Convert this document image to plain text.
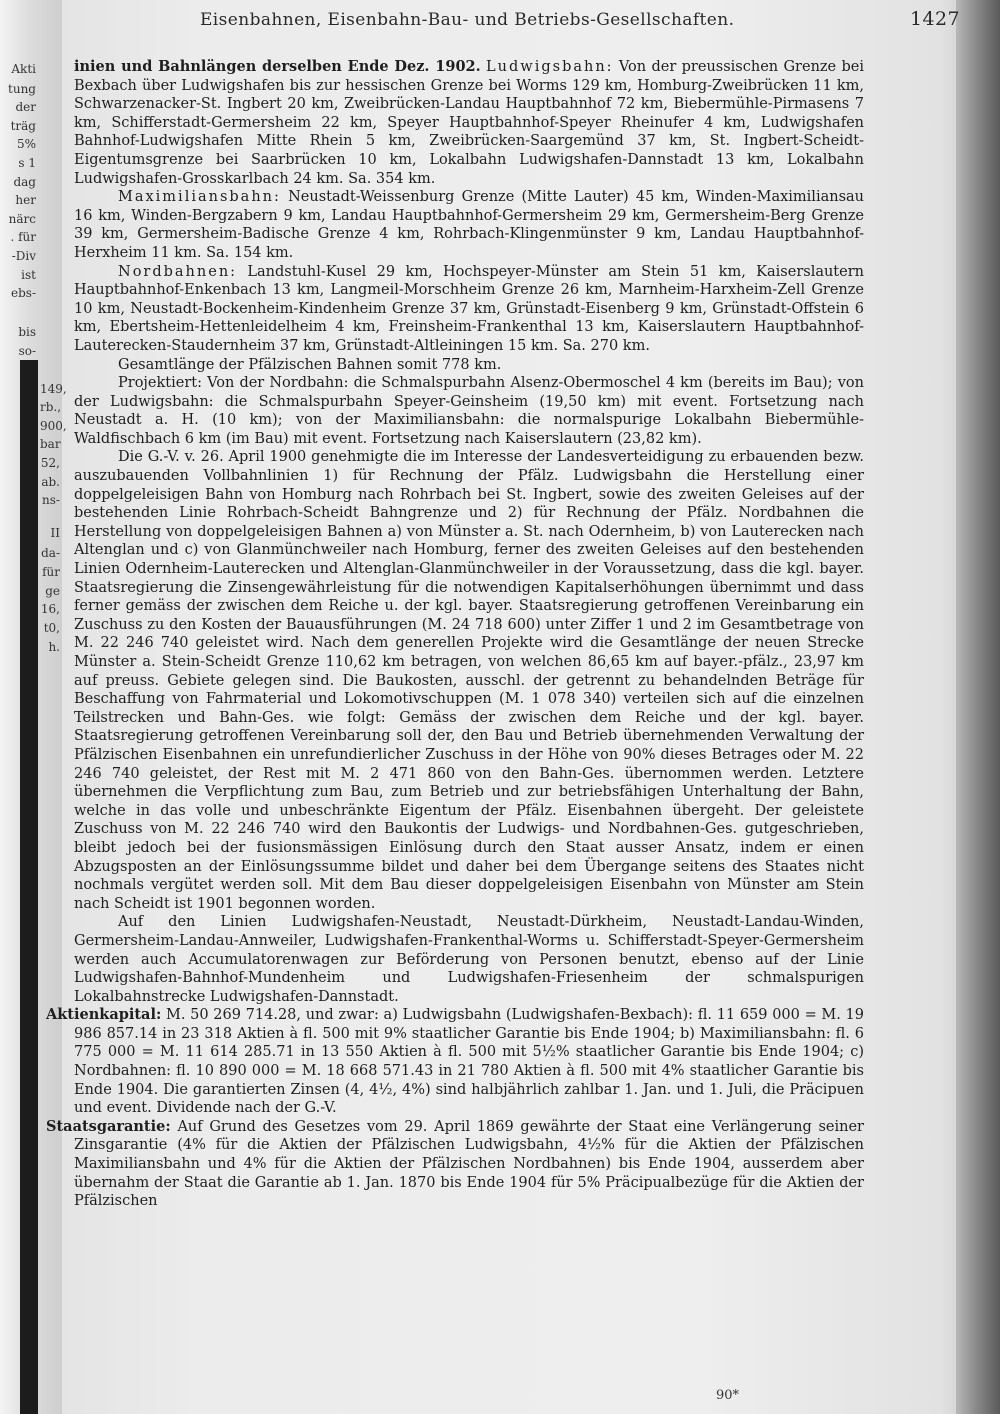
Akti
tung
der
träg
5%
s 1
dag
her
närc
. für
-Div
ist
ebs-
bis
so-
149,
rb.,
900,
bar
52,
ab.
ns-
II
da-
für
ge
16,
t0,
h.
Eisenbahnen, Eisenbahn-Bau- und Betriebs-Gesellschaften.	1427

inien und Bahnlängen derselben Ende Dez. 1902. Ludwigsbahn: Von der preussischen Grenze bei Bexbach über Ludwigshafen bis zur hessischen Grenze bei Worms 129 km, Homburg-Zweibrücken 11 km, Schwarzenacker-St. Ingbert 20 km, Zweibrücken-Landau Hauptbahnhof 72 km, Biebermühle-Pirmasens 7 km, Schifferstadt-Germersheim 22 km, Speyer Hauptbahnhof-Speyer Rheinufer 4 km, Ludwigshafen Bahnhof-Ludwigshafen Mitte Rhein 5 km, Zweibrücken-Saargemünd 37 km, St. Ingbert-Scheidt-Eigentumsgrenze bei Saarbrücken 10 km, Lokalbahn Ludwigshafen-Dannstadt 13 km, Lokalbahn Ludwigshafen-Grosskarlbach 24 km. Sa. 354 km.

Maximiliansbahn: Neustadt-Weissenburg Grenze (Mitte Lauter) 45 km, Winden-Maximiliansau 16 km, Winden-Bergzabern 9 km, Landau Hauptbahnhof-Germersheim 29 km, Germersheim-Berg Grenze 39 km, Germersheim-Badische Grenze 4 km, Rohrbach-Klingenmünster 9 km, Landau Hauptbahnhof-Herxheim 11 km. Sa. 154 km.

Nordbahnen: Landstuhl-Kusel 29 km, Hochspeyer-Münster am Stein 51 km, Kaiserslautern Hauptbahnhof-Enkenbach 13 km, Langmeil-Morschheim Grenze 26 km, Marnheim-Harxheim-Zell Grenze 10 km, Neustadt-Bockenheim-Kindenheim Grenze 37 km, Grünstadt-Eisenberg 9 km, Grünstadt-Offstein 6 km, Ebertsheim-Hettenleidelheim 4 km, Freinsheim-Frankenthal 13 km, Kaiserslautern Hauptbahnhof-Lauterecken-Staudernheim 37 km, Grünstadt-Altleiningen 15 km. Sa. 270 km.

Gesamtlänge der Pfälzischen Bahnen somit 778 km.

Projektiert: Von der Nordbahn: die Schmalspurbahn Alsenz-Obermoschel 4 km (bereits im Bau); von der Ludwigsbahn: die Schmalspurbahn Speyer-Geinsheim (19,50 km) mit event. Fortsetzung nach Neustadt a. H. (10 km); von der Maximiliansbahn: die normalspurige Lokalbahn Biebermühle-Waldfischbach 6 km (im Bau) mit event. Fortsetzung nach Kaiserslautern (23,82 km).

Die G.-V. v. 26. April 1900 genehmigte die im Interesse der Landesverteidigung zu erbauenden bezw. auszubauenden Vollbahnlinien 1) für Rechnung der Pfälz. Ludwigsbahn die Herstellung einer doppelgeleisigen Bahn von Homburg nach Rohrbach bei St. Ingbert, sowie des zweiten Geleises auf der bestehenden Linie Rohrbach-Scheidt Bahngrenze und 2) für Rechnung der Pfälz. Nordbahnen die Herstellung von doppelgeleisigen Bahnen a) von Münster a. St. nach Odernheim, b) von Lauterecken nach Altenglan und c) von Glanmünchweiler nach Homburg, ferner des zweiten Geleises auf den bestehenden Linien Odernheim-Lauterecken und Altenglan-Glanmünchweiler in der Voraussetzung, dass die kgl. bayer. Staatsregierung die Zinsengewährleistung für die notwendigen Kapitalserhöhungen übernimmt und dass ferner gemäss der zwischen dem Reiche u. der kgl. bayer. Staatsregierung getroffenen Vereinbarung ein Zuschuss zu den Kosten der Bauausführungen (M. 24 718 600) unter Ziffer 1 und 2 im Gesamtbetrage von M. 22 246 740 geleistet wird. Nach dem generellen Projekte wird die Gesamtlänge der neuen Strecke Münster a. Stein-Scheidt Grenze 110,62 km betragen, von welchen 86,65 km auf bayer.-pfälz., 23,97 km auf preuss. Gebiete gelegen sind. Die Baukosten, ausschl. der getrennt zu behandelnden Beträge für Beschaffung von Fahrmaterial und Lokomotivschuppen (M. 1 078 340) verteilen sich auf die einzelnen Teilstrecken und Bahn-Ges. wie folgt: Gemäss der zwischen dem Reiche und der kgl. bayer. Staatsregierung getroffenen Vereinbarung soll der, den Bau und Betrieb übernehmenden Verwaltung der Pfälzischen Eisenbahnen ein unrefundierlicher Zuschuss in der Höhe von 90% dieses Betrages oder M. 22 246 740 geleistet, der Rest mit M. 2 471 860 von den Bahn-Ges. übernommen werden. Letztere übernehmen die Verpflichtung zum Bau, zum Betrieb und zur betriebsfähigen Unterhaltung der Bahn, welche in das volle und unbeschränkte Eigentum der Pfälz. Eisenbahnen übergeht. Der geleistete Zuschuss von M. 22 246 740 wird den Baukontis der Ludwigs- und Nordbahnen-Ges. gutgeschrieben, bleibt jedoch bei der fusionsmässigen Einlösung durch den Staat ausser Ansatz, indem er einen Abzugsposten an der Einlösungssumme bildet und daher bei dem Übergange seitens des Staates nicht nochmals vergütet werden soll. Mit dem Bau dieser doppelgeleisigen Eisenbahn von Münster am Stein nach Scheidt ist 1901 begonnen worden.

Auf den Linien Ludwigshafen-Neustadt, Neustadt-Dürkheim, Neustadt-Landau-Winden, Germersheim-Landau-Annweiler, Ludwigshafen-Frankenthal-Worms u. Schifferstadt-Speyer-Germersheim werden auch Accumulatorenwagen zur Beförderung von Personen benutzt, ebenso auf der Linie Ludwigshafen-Bahnhof-Mundenheim und Ludwigshafen-Friesenheim der schmalspurigen Lokalbahnstrecke Ludwigshafen-Dannstadt.

Aktienkapital: M. 50 269 714.28, und zwar: a) Ludwigsbahn (Ludwigshafen-Bexbach): fl. 11 659 000 = M. 19 986 857.14 in 23 318 Aktien à fl. 500 mit 9% staatlicher Garantie bis Ende 1904; b) Maximiliansbahn: fl. 6 775 000 = M. 11 614 285.71 in 13 550 Aktien à fl. 500 mit 5½% staatlicher Garantie bis Ende 1904; c) Nordbahnen: fl. 10 890 000 = M. 18 668 571.43 in 21 780 Aktien à fl. 500 mit 4% staatlicher Garantie bis Ende 1904. Die garantierten Zinsen (4, 4½, 4%) sind halbjährlich zahlbar 1. Jan. und 1. Juli, die Präcipuen und event. Dividende nach der G.-V.

Staatsgarantie: Auf Grund des Gesetzes vom 29. April 1869 gewährte der Staat eine Verlängerung seiner Zinsgarantie (4% für die Aktien der Pfälzischen Ludwigsbahn, 4½% für die Aktien der Pfälzischen Maximiliansbahn und 4% für die Aktien der Pfälzischen Nordbahnen) bis Ende 1904, ausserdem aber übernahm der Staat die Garantie ab 1. Jan. 1870 bis Ende 1904 für 5% Präcipualbezüge für die Aktien der Pfälzischen

90*
